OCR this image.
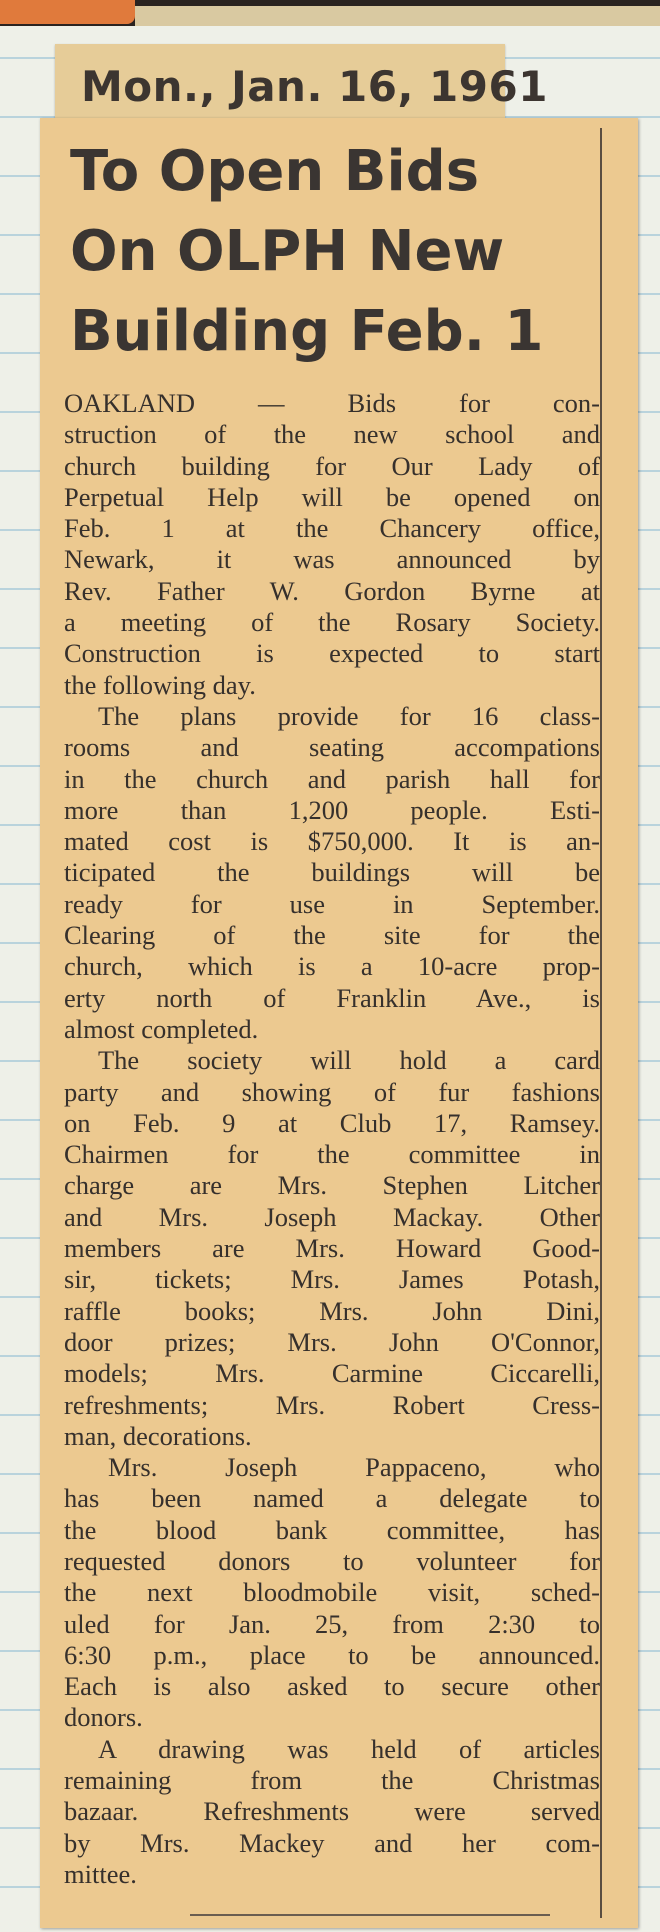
Mon., Jan. 16, 1961
To Open Bids
On OLPH New
Building Feb. 1
OAKLAND — Bids for con-
struction of the new school and
church building for Our Lady of
Perpetual Help will be opened on
Feb. 1 at the Chancery office,
Newark, it was announced by
Rev. Father W. Gordon Byrne at
a meeting of the Rosary Society.
Construction is expected to start
the following day.
The plans provide for 16 class-
rooms and seating accompations
in the church and parish hall for
more than 1,200 people. Esti-
mated cost is $750,000. It is an-
ticipated the buildings will be
ready for use in September.
Clearing of the site for the
church, which is a 10-acre prop-
erty north of Franklin Ave., is
almost completed.
The society will hold a card
party and showing of fur fashions
on Feb. 9 at Club 17, Ramsey.
Chairmen for the committee in
charge are Mrs. Stephen Litcher
and Mrs. Joseph Mackay. Other
members are Mrs. Howard Good-
sir, tickets; Mrs. James Potash,
raffle books; Mrs. John Dini,
door prizes; Mrs. John O'Connor,
models; Mrs. Carmine Ciccarelli,
refreshments; Mrs. Robert Cress-
man, decorations.
Mrs. Joseph Pappaceno, who
has been named a delegate to
the blood bank committee, has
requested donors to volunteer for
the next bloodmobile visit, sched-
uled for Jan. 25, from 2:30 to
6:30 p.m., place to be announced.
Each is also asked to secure other
donors.
A drawing was held of articles
remaining from the Christmas
bazaar. Refreshments were served
by Mrs. Mackey and her com-
mittee.
